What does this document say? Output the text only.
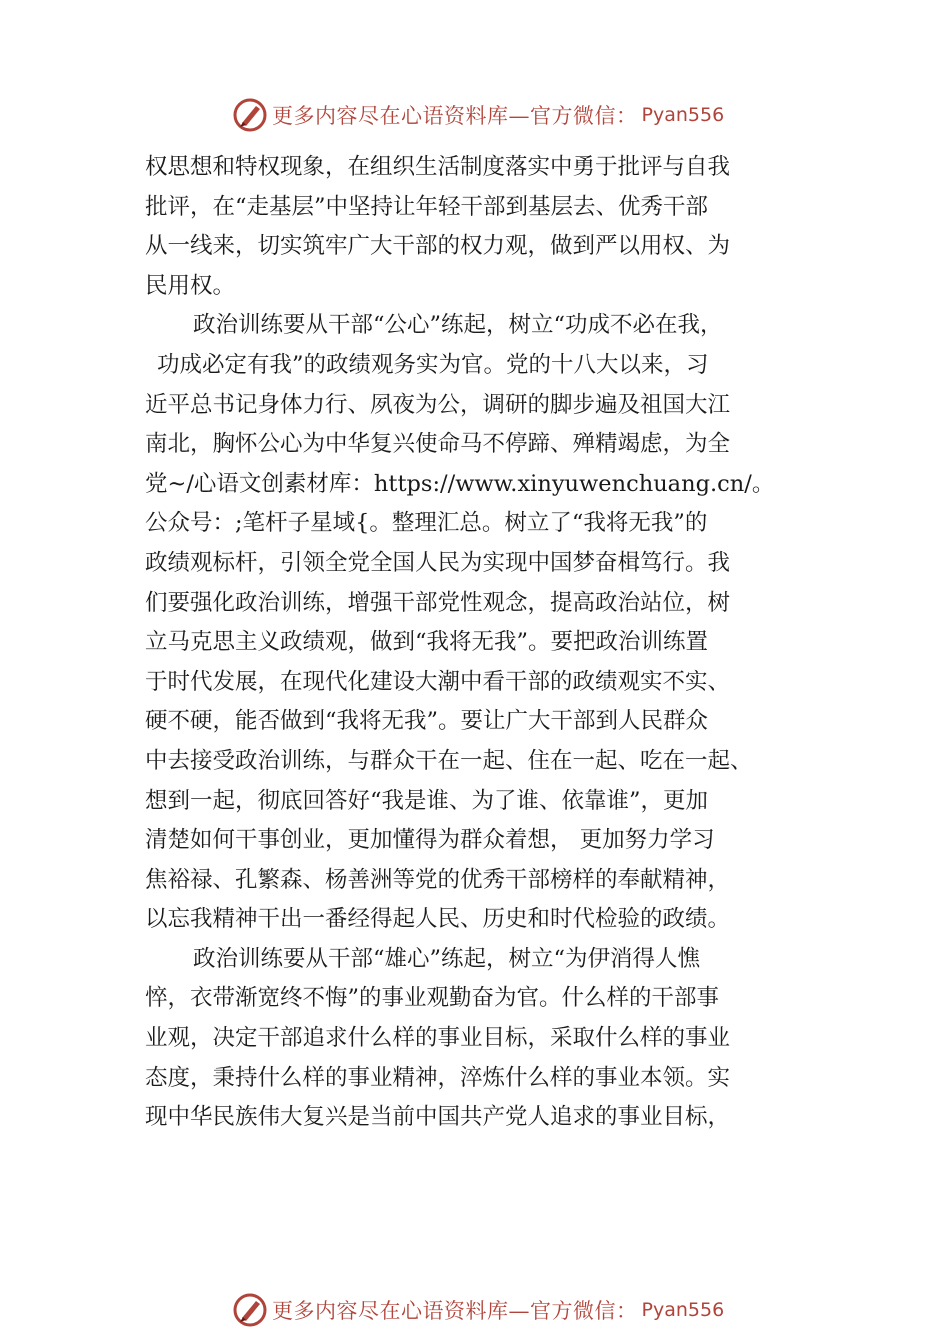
更多内容尽在心语资料库—官方微信： Pyan556
权思想和特权现象，在组织生活制度落实中勇于批评与自我
批评，在“走基层”中坚持让年轻干部到基层去、优秀干部
从一线来，切实筑牢广大干部的权力观，做到严以用权、为
民用权。
政治训练要从干部“公心”练起，树立“功成不必在我，
功成必定有我”的政绩观务实为官。党的十八大以来，习
近平总书记身体力行、夙夜为公，调研的脚步遍及祖国大江
南北，胸怀公心为中华复兴使命马不停蹄、殚精竭虑，为全
党~/心语文创素材库：https://www.xinyuwenchuang.cn/。
公众号：;笔杆子星域{。整理汇总。树立了“我将无我”的
政绩观标杆，引领全党全国人民为实现中国梦奋楫笃行。我
们要强化政治训练，增强干部党性观念，提高政治站位，树
立马克思主义政绩观，做到“我将无我”。要把政治训练置
于时代发展，在现代化建设大潮中看干部的政绩观实不实、
硬不硬，能否做到“我将无我”。要让广大干部到人民群众
中去接受政治训练，与群众干在一起、住在一起、吃在一起、
想到一起，彻底回答好“我是谁、为了谁、依靠谁”，更加
清楚如何干事创业，更加懂得为群众着想， 更加努力学习
焦裕禄、孔繁森、杨善洲等党的优秀干部榜样的奉献精神，
以忘我精神干出一番经得起人民、历史和时代检验的政绩。
政治训练要从干部“雄心”练起，树立“为伊消得人憔
悴，衣带渐宽终不悔”的事业观勤奋为官。什么样的干部事
业观，决定干部追求什么样的事业目标，采取什么样的事业
态度，秉持什么样的事业精神，淬炼什么样的事业本领。实
现中华民族伟大复兴是当前中国共产党人追求的事业目标，
更多内容尽在心语资料库—官方微信： Pyan556
